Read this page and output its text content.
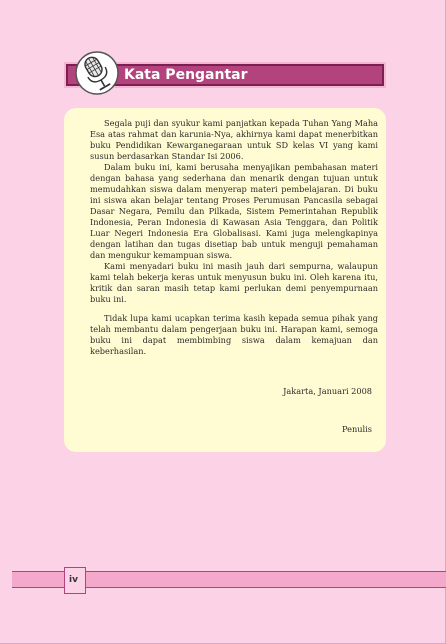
Kata Pengantar

Segala puji dan syukur kami panjatkan kepada Tuhan Yang Maha Esa atas rahmat dan karunia-Nya, akhirnya kami dapat menerbitkan buku Pendidikan Kewarganegaraan untuk SD kelas VI yang kami susun berdasarkan Standar Isi 2006.

Dalam buku ini, kami berusaha menyajikan pembahasan materi dengan bahasa yang sederhana dan menarik dengan tujuan untuk memudahkan siswa dalam menyerap materi pembelajaran. Di buku ini siswa akan belajar tentang Proses Perumusan Pancasila sebagai Dasar Negara, Pemilu dan Pilkada, Sistem Pemerintahan Republik Indonesia, Peran Indonesia di Kawasan Asia Tenggara, dan Politik Luar Negeri Indonesia Era Globalisasi. Kami juga melengkapinya dengan latihan dan tugas disetiap bab untuk menguji pemahaman dan mengukur kemampuan siswa.

Kami menyadari buku ini masih jauh dari sempurna, walaupun kami telah bekerja keras untuk menyusun buku ini. Oleh karena itu, kritik dan saran masih tetap kami perlukan demi penyempurnaan buku ini.

Tidak lupa kami ucapkan terima kasih kepada semua pihak yang telah membantu dalam pengerjaan buku ini. Harapan kami, semoga buku ini dapat membimbing siswa dalam kemajuan dan keberhasilan.

Jakarta, Januari 2008
Penulis
iv
